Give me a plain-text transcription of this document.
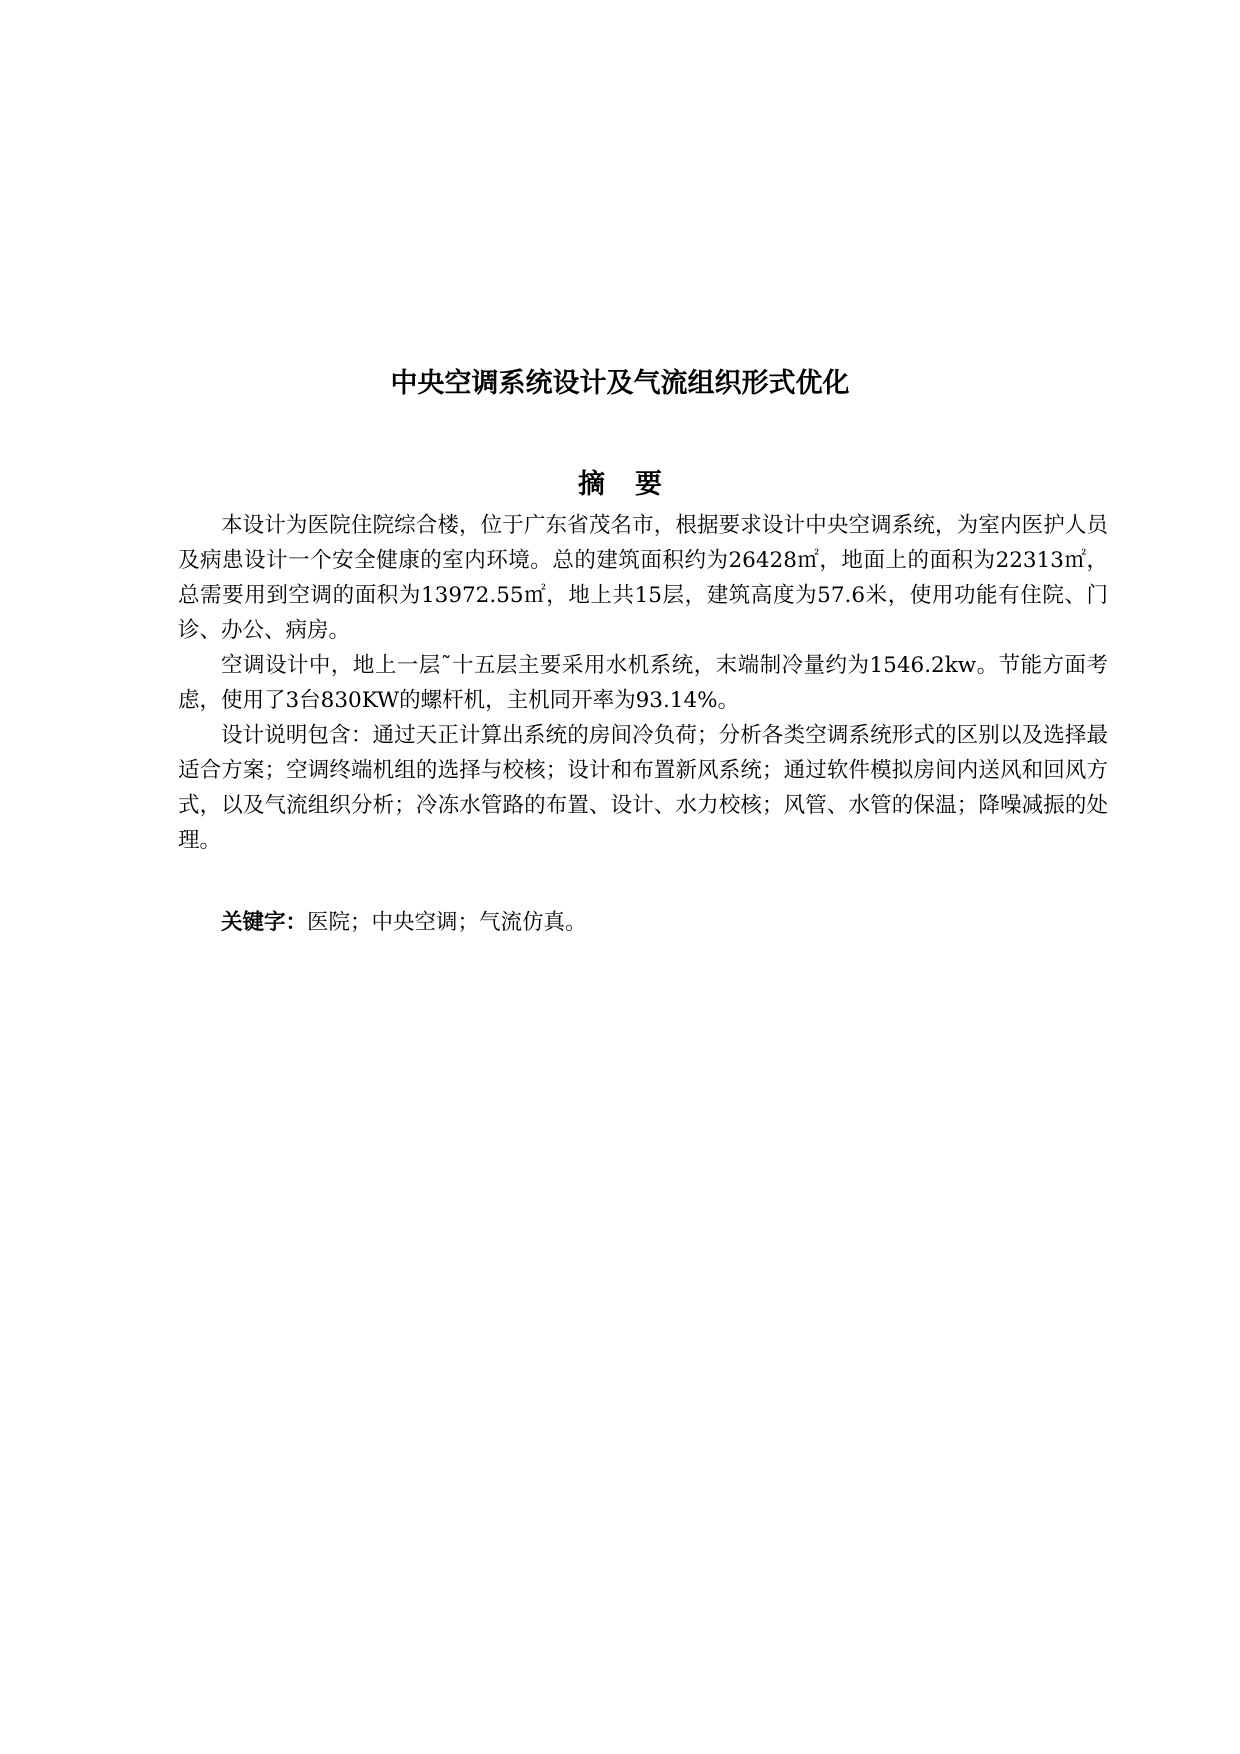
中央空调系统设计及气流组织形式优化
摘 要

本设计为医院住院综合楼，位于广东省茂名市，根据要求设计中央空调系统，为室内医护人员及病患设计一个安全健康的室内环境。总的建筑面积约为26428㎡，地面上的面积为22313㎡，总需要用到空调的面积为13972.55㎡，地上共15层，建筑高度为57.6米，使用功能有住院、门诊、办公、病房。

空调设计中，地上一层˜十五层主要采用水机系统，末端制冷量约为1546.2kw。节能方面考虑，使用了3台830KW的螺杆机，主机同开率为93.14%。

设计说明包含：通过天正计算出系统的房间冷负荷；分析各类空调系统形式的区别以及选择最适合方案；空调终端机组的选择与校核；设计和布置新风系统；通过软件模拟房间内送风和回风方式，以及气流组织分析；冷冻水管路的布置、设计、水力校核；风管、水管的保温；降噪减振的处理。

关键字：医院；中央空调；气流仿真。
